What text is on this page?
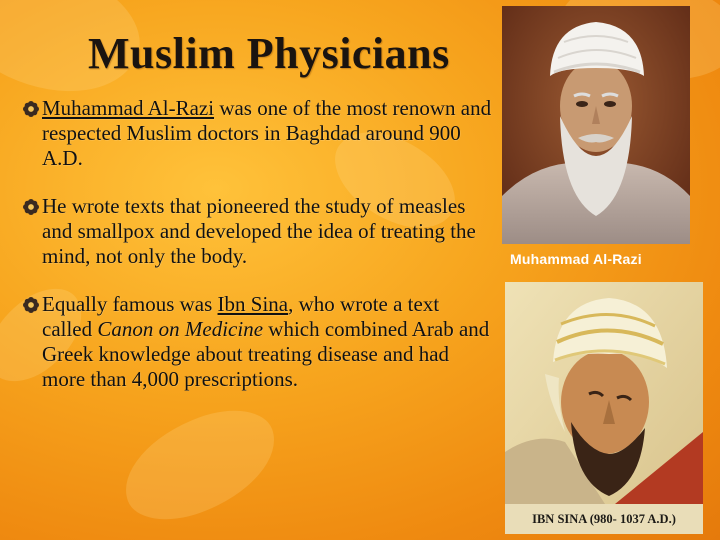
Muslim Physicians
Muhammad Al-Razi was one of the most renown and respected Muslim doctors in Baghdad around 900 A.D.
He wrote texts that pioneered the study of measles and smallpox and developed the idea of treating the mind, not only the body.
Equally famous was Ibn Sina, who wrote a text called Canon on Medicine which combined Arab and Greek knowledge about treating disease and had more than 4,000 prescriptions.
Muhammad Al-Razi
IBN SINA (980- 1037 A.D.)
